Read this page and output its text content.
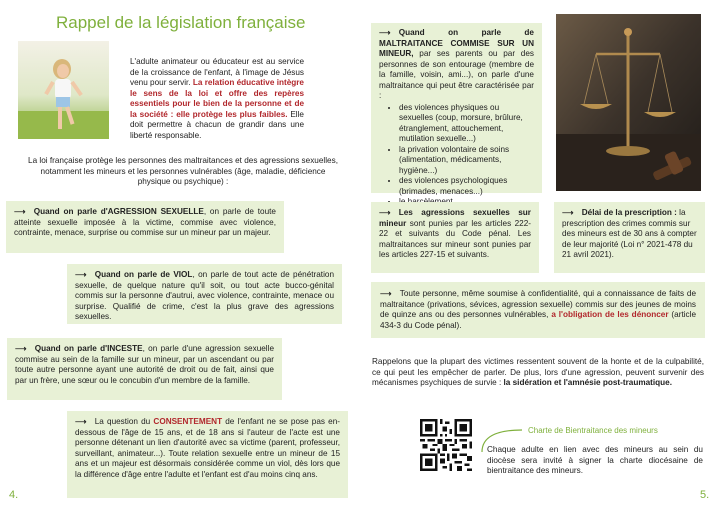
Rappel de la législation française
L'adulte animateur ou éducateur est au service de la croissance de l'enfant, à l'image de Jésus venu pour servir. La relation éducative intègre le sens de la loi et offre des repères essentiels pour le bien de la personne et de la société : elle protège les plus faibles. Elle doit permettre à chacun de grandir dans une liberté responsable.
La loi française protège les personnes des maltraitances et des agressions sexuelles, notamment les mineurs et les personnes vulnérables (âge, maladie, déficience physique ou psychique) :
⟶ Quand on parle d'AGRESSION SEXUELLE, on parle de toute atteinte sexuelle imposée à la victime, commise avec violence, contrainte, menace, surprise ou commise sur un mineur par un majeur.
⟶ Quand on parle de VIOL, on parle de tout acte de pénétration sexuelle, de quelque nature qu'il soit, ou tout acte bucco-génital commis sur la personne d'autrui, avec violence, contrainte, menace ou surprise. Qualifié de crime, c'est la plus grave des agressions sexuelles.
⟶ Quand on parle d'INCESTE, on parle d'une agression sexuelle commise au sein de la famille sur un mineur, par un ascendant ou par toute autre personne ayant une autorité de droit ou de fait, ainsi que par un frère, une sœur ou le concubin d'un membre de la famille.
⟶ La question du CONSENTEMENT de l'enfant ne se pose pas en-dessous de l'âge de 15 ans, et de 18 ans si l'auteur de l'acte est une personne détenant un lien d'autorité avec sa victime (parent, professeur, surveillant, animateur...). Toute relation sexuelle entre un mineur de 15 ans et un majeur est désormais considérée comme un viol, dès lors que la différence d'âge entre l'adulte et l'enfant est d'au moins cinq ans.
4.
⟶ Quand on parle de MALTRAITANCE COMMISE SUR UN MINEUR, par ses parents ou par des personnes de son entourage (membre de la famille, voisin, ami...), on parle d'une maltraitance qui peut être caractérisée par :
• des violences physiques ou sexuelles (coup, morsure, brûlure, étranglement, attouchement, mutilation sexuelle...)
• la privation volontaire de soins (alimentation, médicaments, hygiène...)
• des violences psychologiques (brimades, menaces...)
•
⟶ Les agressions sexuelles sur mineur sont punies par les articles 222-22 et suivants du Code pénal. Les maltraitances sur mineur sont punies par les articles 227-15 et suivants.
⟶ Délai de la prescription : la prescription des crimes commis sur des mineurs est de 30 ans à compter de leur majorité (Loi n° 2021-478 du 21 avril 2021).
⟶ Toute personne, même soumise à confidentialité, qui a connaissance de faits de maltraitance (privations, sévices, agression sexuelle) commis sur des jeunes de moins de quinze ans ou des personnes vulnérables, a l'obligation de les dénoncer (article 434-3 du Code pénal).
Rappelons que la plupart des victimes ressentent souvent de la honte et de la culpabilité, ce qui peut les empêcher de parler. De plus, lors d'une agression, peuvent survenir des mécanismes psychiques de survie : la sidération et l'amnésie post-traumatique.
Charte de Bientraitance des mineurs
Chaque adulte en lien avec des mineurs au sein du diocèse sera invité à signer la charte diocésaine de bientraitance des mineurs.
5.
